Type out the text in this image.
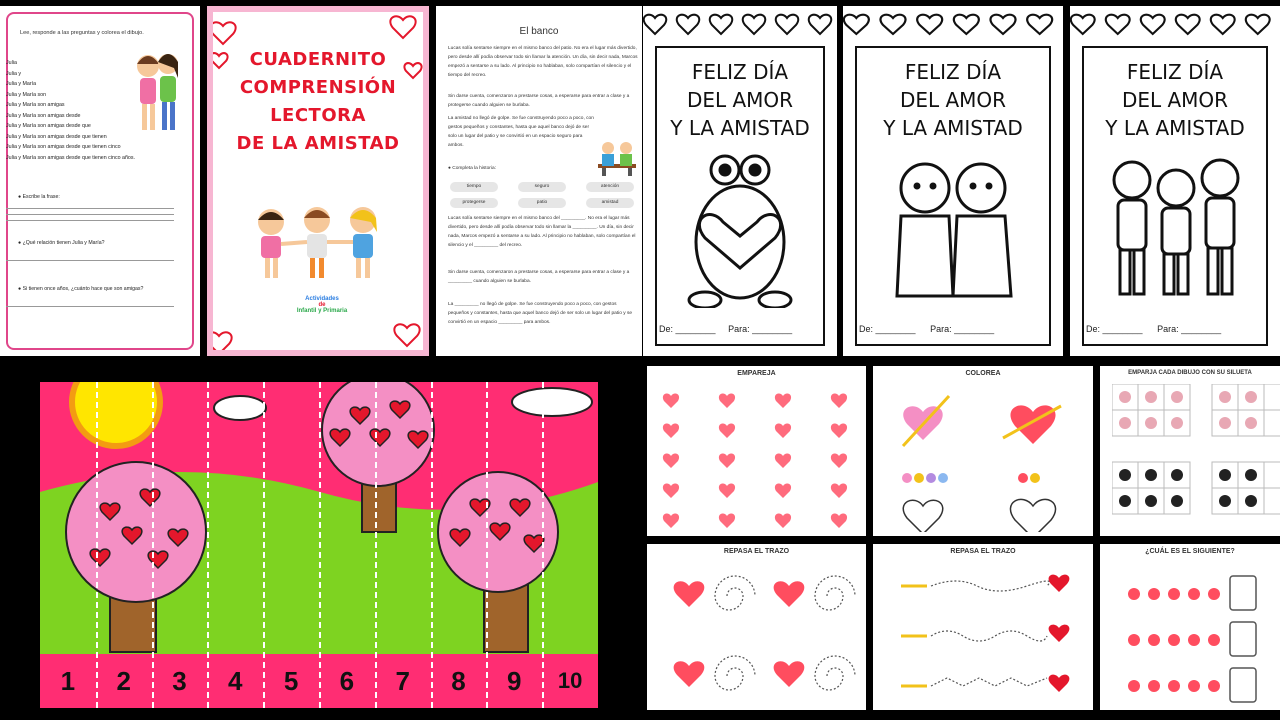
Lee, responde a las preguntas y colorea el dibujo.
Julia
Julia y
Julia y María
Julia y María son
Julia y María son amigas
Julia y María son amigas desde
Julia y María son amigas desde que
Julia y María son amigas desde que tienen
Julia y María son amigas desde que tienen cinco
Julia y María son amigas desde que tienen cinco años.
● Escribe la frase:
● ¿Qué relación tienen Julia y María?
● Si tienen once años, ¿cuánto hace que son amigas?
CUADERNITO
COMPRENSIÓN
LECTORA
DE LA AMISTAD
Actividades
de
Infantil y Primaria
El banco
Lucas solía sentarse siempre en el mismo banco del patio. No era el lugar más divertido, pero desde allí podía observar todo sin llamar la atención. Un día, sin decir nada, Marcos empezó a sentarse a su lado. Al principio no hablaban, solo compartían el silencio y el tiempo del recreo.
Sin darse cuenta, comenzaron a prestarse cosas, a esperarse para entrar a clase y a protegerse cuando alguien se burlaba.
La amistad no llegó de golpe. Se fue construyendo poco a poco, con gestos pequeños y constantes, hasta que aquel banco dejó de ser solo un lugar del patio y se convirtió en un espacio seguro para ambos.
● Completa la historia:
tiempo	seguro	atención
protegerse	patio	amistad
Lucas solía sentarse siempre en el mismo banco del _________. No era el lugar más divertido, pero desde allí podía observar todo sin llamar la _________. Un día, sin decir nada, Marcos empezó a sentarse a su lado. Al principio no hablaban, solo compartían el silencio y el _________ del recreo.
Sin darse cuenta, comenzaron a prestarse cosas, a esperarse para entrar a clase y a _________ cuando alguien se burlaba.
La _________ no llegó de golpe. Se fue construyendo poco a poco, con gestos pequeños y constantes, hasta que aquel banco dejó de ser solo un lugar del patio y se convirtió en un espacio _________ para ambos.
FELIZ DÍA
DEL AMOR
Y LA AMISTAD
De: ________ Para: ________
FELIZ DÍA
DEL AMOR
Y LA AMISTAD
De: ________ Para: ________
FELIZ DÍA
DEL AMOR
Y LA AMISTAD
De: ________ Para: ________
1	2	3	4	5	6	7	8	9	10
EMPAREJA	COLOREA	EMPARJA CADA DIBUJO CON SU SILUETA
REPASA EL TRAZO	REPASA EL TRAZO	¿CUÁL ES EL SIGUIENTE?
